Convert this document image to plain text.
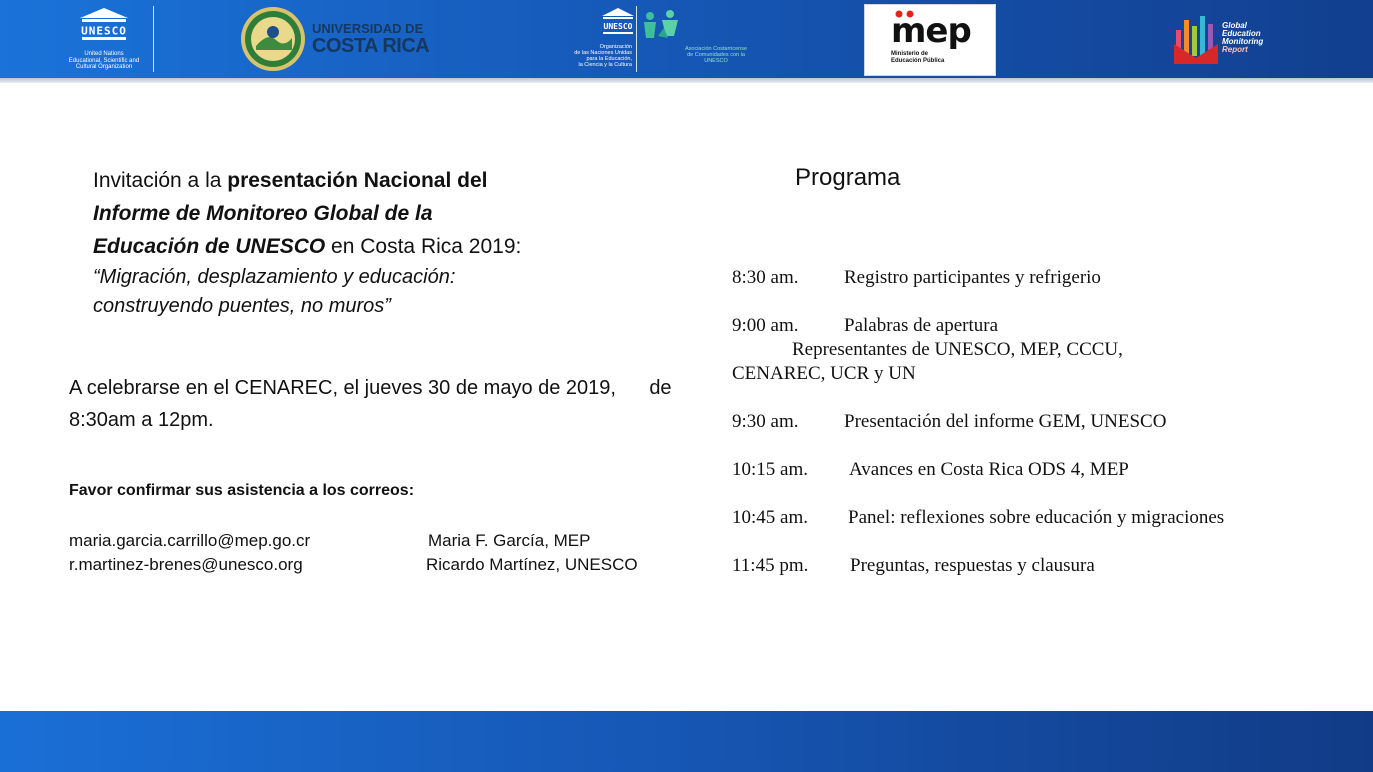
UNESCO
United Nations
Educational, Scientific and
Cultural Organization
UNIVERSIDAD DE
COSTA RICA
UNESCO
Organización
de las Naciones Unidas
para la Educación,
la Ciencia y la Cultura
Asociación Costarricense
de Comunidades con la
UNESCO
mep
Ministerio de
Educación Pública
Global
Education
Monitoring
Report
Invitación a la presentación Nacional del
Informe de Monitoreo Global de la
Educación de UNESCO en Costa Rica 2019:
“Migración, desplazamiento y educación:
construyendo puentes, no muros”
A celebrarse en el CENAREC, el jueves 30 de mayo de 2019,      de
8:30am a 12pm.
Favor confirmar sus asistencia a los correos:
maria.garcia.carrillo@mep.go.cr	Maria F. García, MEP
r.martinez-brenes@unesco.org	Ricardo Martínez, UNESCO
Programa
8:30 am. Registro participantes y refrigerio
9:00 am. Palabras de apertura
Representantes de UNESCO, MEP, CCCU,
CENAREC, UCR y UN
9:30 am. Presentación del informe GEM, UNESCO
10:15 am. Avances en Costa Rica ODS 4, MEP
10:45 am. Panel: reflexiones sobre educación y migraciones
11:45 pm. Preguntas, respuestas y clausura
